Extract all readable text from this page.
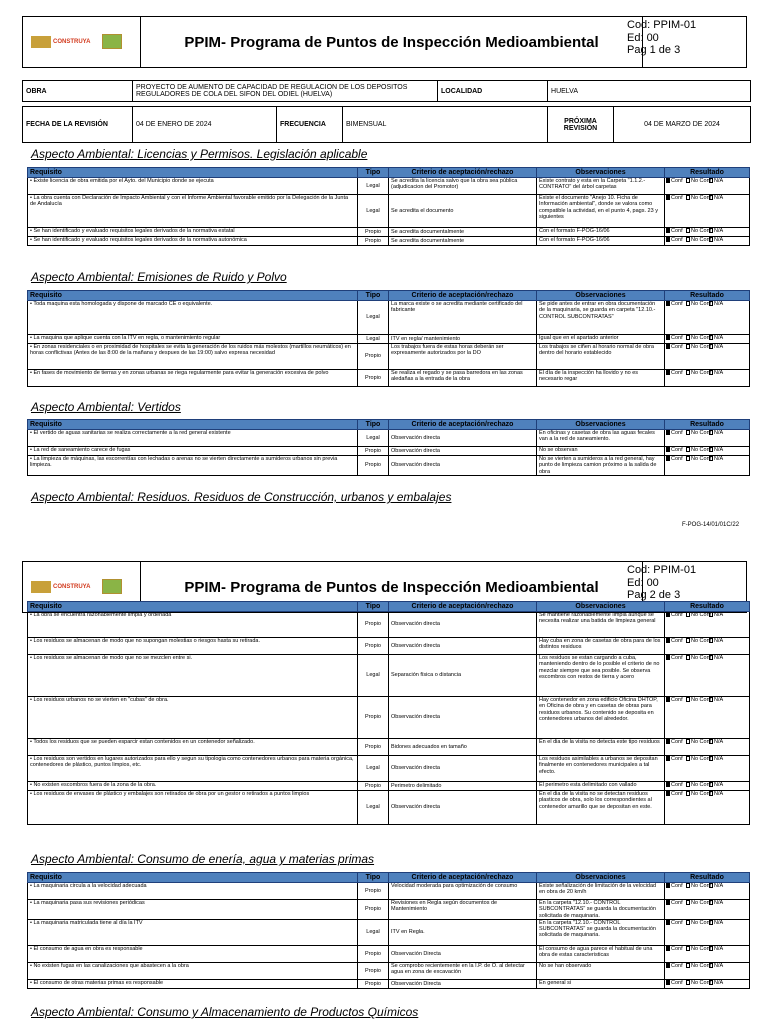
CONSTRUYA	PPIM- Programa de Puntos de Inspección Medioambiental
Cod: PPIM-01
Ed: 00
Pag 1 de 3
OBRA	PROYECTO DE AUMENTO DE CAPACIDAD DE REGULACION DE LOS DEPOSITOS REGULADORES DE COLA DEL SIFON DEL ODIEL (HUELVA)			LOCALIDAD	HUELVA	

FECHA DE LA REVISIÓN	04 DE ENERO DE 2024	FRECUENCIA	BIMENSUAL		PRÓXIMA REVISIÓN	04 DE MARZO DE 2024
Aspecto Ambiental: Licencias y Permisos. Legislación aplicable
Requisito	Tipo	Criterio de aceptación/rechazo	Observaciones	Resultado
• Existe licencia de obra emitida por el Ayto. del Municipio donde se ejecuta	Legal	Se acredita la licencia salvo que la obra sea pública (adjudicacion del Promotor)	Existe contrato y esta en la Carpeta "1.1.2.- CONTRATO" del árbol carpetas	Conf No Conf N/A
• La obra cuenta con Declaración de Impacto Ambiental y con el Informe Ambiental favorable emitido por la Delegación de la Junta de Andalucía	Legal	Se acredita el documento	Existe el documento "Anejo 10. Ficha de Información ambiental", donde se valora como compatible la actividad, en el punto 4, pags. 23 y siguientes	Conf No Conf N/A
• Se han identificado y evaluado requisitos legales derivados de la normativa estatal	Propio	Se acredita documentalmente	Con el formato F-POG-16/06	Conf No Conf N/A
• Se han identificado y evaluado requisitos legales derivados de la normativa autonómica	Propio	Se acredita documentalmente	Con el formato F-POG-16/06	Conf No Conf N/A
Aspecto Ambiental: Emisiones de Ruido y Polvo
Requisito	Tipo	Criterio de aceptación/rechazo	Observaciones	Resultado
• Toda maquina esta homologada y dispone de marcado CE o equivalente.	Legal	La marca existe o se acredita mediante certificado del fabricante	Se pide antes de entrar en obra documentación de la maquinaria, se guarda en carpeta "12.10.- CONTROL SUBCONTRATAS"	Conf No Conf N/A
• La maquina que aplique cuenta con la ITV en regla, o mantenimiento regular	Legal	ITV en regla/ mantenimiento	Igual que en el apartado anterior	Conf No Conf N/A
• En zonas residenciales o en proximidad de hospitales se evita la generación de los ruidos más molestos (martillos neumáticos) en horas conflictivas (Antes de las 8:00 de la mañana y despues de las 19:00) salvo expresa necesidad	Propio	Los trabajos fuera de estas horas deberán ser expresamente autorizados por la DO	Los trabajos se ciñen al horario normal de obra dentro del horario establecido	Conf No Conf N/A
• En fases de movimiento de tierras y en zonas urbanas se riega regularmente para evitar la generación excesiva de polvo	Propio	Se realiza el regado y se pasa barredora en las zonas aledañas a la entrada de la obra	El día de la inspección ha llovido y no es necesario regar	Conf No Conf N/A
Aspecto Ambiental: Vertidos
Requisito	Tipo	Criterio de aceptación/rechazo	Observaciones	Resultado
• El vertido de aguas sanitarias se realiza correctamente a la red general existente	Legal	Observación directa	En oficinas y casetas de obra las aguas fecales van a la red de saneamiento.	Conf No Conf N/A
• La red de saneamiento carece de fugas	Propio	Observación directa	No se observan	Conf No Conf N/A
• La limpieza de máquinas, las escorrentías con lechadas o arenas no se vierten directamente a sumideros urbanos sin previa limpieza.	Propio	Observación directa	No se vierten a sumideros a la red general, hay punto de limpieza camion próximo a la salida de obra	Conf No Conf N/A
Aspecto Ambiental: Residuos. Residuos de Construcción, urbanos y embalajes
F-POG-14/01/01C/22
CONSTRUYA	PPIM- Programa de Puntos de Inspección Medioambiental
Cod: PPIM-01
Ed: 00
Pag 2 de 3
Requisito	Tipo	Criterio de aceptación/rechazo	Observaciones	Resultado
• La obra se encuentra razonablemente limpia y ordenada	Propio	Observación directa	Se mantiene razonablemente limpia aunque se necesita realizar una batida de limpieza general	Conf No Conf N/A
• Los residuos se almacenan de modo que no supongan molestias o riesgos hasta su retirada.	Propio	Observación directa	Hay cuba en zona de casetas de obra para de los distintos residuos	Conf No Conf N/A
• Los residuos se almacenan de modo que no se mezclen entre si.	Legal	Separación física o distancia	Los residuos se estan cargando a cuba, manteniendo dentro de lo posible el criterio de no mezclar siempre que sea posible. Se observa escombros con restos de tierra y acero	Conf No Conf N/A
• Los residuos urbanos no se vierten en "cubas" de obra.	Propio	Observación directa	Hay contenedor en zona edificio Oficina DHTOP, en Oficina de obra y en casetas de obras para residuos urbanos. Su contenido se deposita en contenedores urbanos del alrededor.	Conf No Conf N/A
• Todos los residuos que se pueden esparcir estan contenidos en un contenedor señalizado.	Propio	Bidones adecuados en tamaño	En el dia de la visita no detecta este tipo residuos	Conf No Conf N/A
• Los residuos son vertidos en lugares autorizados para ello y segun su tipologia como contenedores urbanos para materia orgánica, contenedores de plástico, puntos limpios, etc.	Legal	Observación directa	Los residuos asimilables a urbanos se depositan finalmente en contenedores municipales a tal efecto.	Conf No Conf N/A
• No existen escombros fuera de la zona de la obra.	Propio	Perimetro delimitado	El perimetro esta delimitado con vallado	Conf No Conf N/A
• Los residuos de envases de plástico y embalajes son retirados de obra por un gestor o retirados a puntos limpios	Legal	Observación directa	En el dia de la visita no se detectan residuos plasticos de obra, solo los correspondientes al contenedor amarillo que se depositan en este.	Conf No Conf N/A
Aspecto Ambiental: Consumo de enería, agua y materias primas
Requisito	Tipo	Criterio de aceptación/rechazo	Observaciones	Resultado
• La maquinaria circula a la velocidad adecuada	Propio	Velocidad moderada para optimización de consumo	Existe señalización de limitación de la velocidad en obra de 20 km/h	Conf No Conf N/A
• La maquinaria pasa sus revisiones periódicas	Propio	Revisiones en Regla según documentos de Mantenimiento	En la carpeta "12.10.- CONTROL SUBCONTRATAS" se guarda la documentación solicitada de maquinaria.	Conf No Conf N/A
• La maquinaria matriculada tiene al día la ITV	Legal	ITV en Regla.	En la carpeta "12.10.- CONTROL SUBCONTRATAS" se guarda la documentación solicitada de maquinaria.	Conf No Conf N/A
• El consumo de agua en obra es responsable	Propio	Observación Directa	El consumo de agua parece el habitual de una obra de estas caracteristicas	Conf No Conf N/A
• No existen fugas en las canalizaciones que abastecen a la obra	Propio	Se comprobo recientemente en la I.P. de O. al detectar agua en zona de excavación	No se han observado	Conf No Conf N/A
• El consumo de otras materias primas es responsable	Propio	Observación Directa	En general si	Conf No Conf N/A
Aspecto Ambiental: Consumo y Almacenamiento de Productos Químicos
